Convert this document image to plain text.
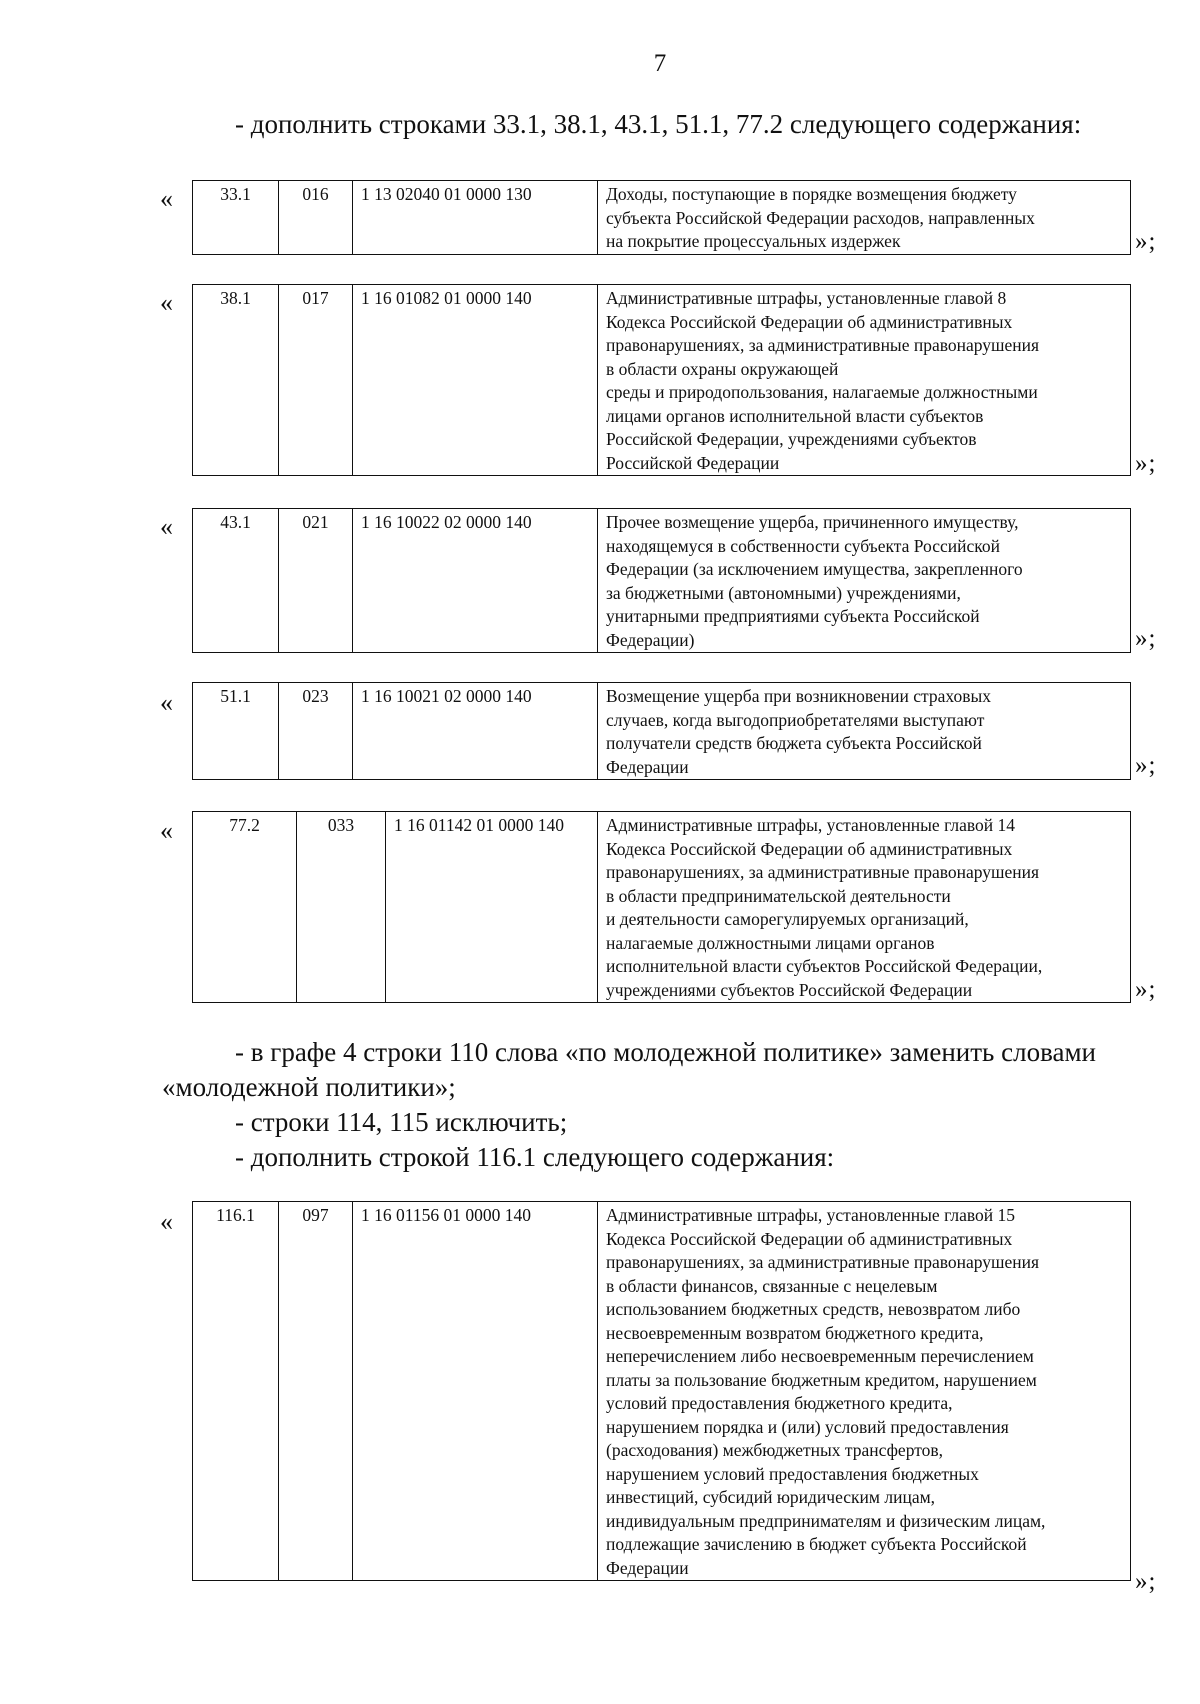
7
- дополнить строками 33.1, 38.1, 43.1, 51.1, 77.2 следующего содержания:
«	33.1	016	1 13 02040 01 0000 130	Доходы, поступающие в порядке возмещения бюджету
субъекта Российской Федерации расходов, направленных
на покрытие процессуальных издержек	»;
«	38.1	017	1 16 01082 01 0000 140	Административные штрафы, установленные главой 8
Кодекса Российской Федерации об административных
правонарушениях, за административные правонарушения
в области охраны окружающей
среды и природопользования, налагаемые должностными
лицами органов исполнительной власти субъектов
Российской Федерации, учреждениями субъектов
Российской Федерации	»;
«	43.1	021	1 16 10022 02 0000 140	Прочее возмещение ущерба, причиненного имуществу,
находящемуся в собственности субъекта Российской
Федерации (за исключением имущества, закрепленного
за бюджетными (автономными) учреждениями,
унитарными предприятиями субъекта Российской
Федерации)	»;
«	51.1	023	1 16 10021 02 0000 140	Возмещение ущерба при возникновении страховых
случаев, когда выгодоприобретателями выступают
получатели средств бюджета субъекта Российской
Федерации	»;
«	77.2	033	1 16 01142 01 0000 140	Административные штрафы, установленные главой 14
Кодекса Российской Федерации об административных
правонарушениях, за административные правонарушения
в области предпринимательской деятельности
и деятельности саморегулируемых организаций,
налагаемые должностными лицами органов
исполнительной власти субъектов Российской Федерации,
учреждениями субъектов Российской Федерации	»;
- в графе 4 строки 110 слова «по молодежной политике» заменить словами
«молодежной политики»;
- строки 114, 115 исключить;
- дополнить строкой 116.1 следующего содержания:
« 116.1	097	1 16 01156 01 0000 140	Административные штрафы, установленные главой 15
Кодекса Российской Федерации об административных
правонарушениях, за административные правонарушения
в области финансов, связанные с нецелевым
использованием бюджетных средств, невозвратом либо
несвоевременным возвратом бюджетного кредита,
неперечислением либо несвоевременным перечислением
платы за пользование бюджетным кредитом, нарушением
условий предоставления бюджетного кредита,
нарушением порядка и (или) условий предоставления
(расходования) межбюджетных трансфертов,
нарушением условий предоставления бюджетных
инвестиций, субсидий юридическим лицам,
индивидуальным предпринимателям и физическим лицам,
подлежащие зачислению в бюджет субъекта Российской
Федерации
»;
